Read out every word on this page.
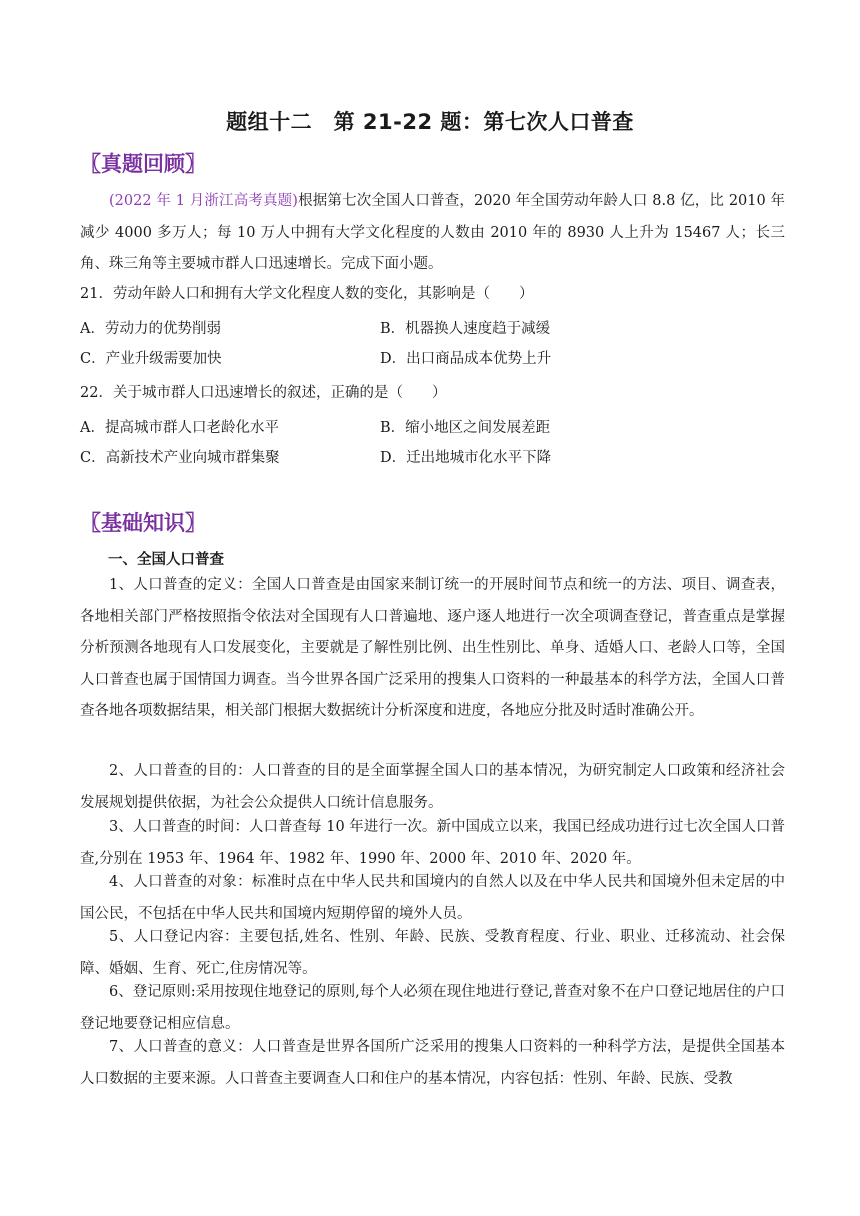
题组十二　第 21-22 题：第七次人口普查
〖真题回顾〗
(2022 年 1 月浙江高考真题)根据第七次全国人口普查，2020 年全国劳动年龄人口 8.8 亿，比 2010 年减少 4000 多万人；每 10 万人中拥有大学文化程度的人数由 2010 年的 8930 人上升为 15467 人；长三角、珠三角等主要城市群人口迅速增长。完成下面小题。
21．劳动年龄人口和拥有大学文化程度人数的变化，其影响是（　　）
A．劳动力的优势削弱	B．机器换人速度趋于减缓
C．产业升级需要加快	D．出口商品成本优势上升
22．关于城市群人口迅速增长的叙述，正确的是（　　）
A．提高城市群人口老龄化水平	B．缩小地区之间发展差距
C．高新技术产业向城市群集聚	D．迁出地城市化水平下降
〖基础知识〗
一、全国人口普查
1、人口普查的定义：全国人口普查是由国家来制订统一的开展时间节点和统一的方法、项目、调查表，各地相关部门严格按照指令依法对全国现有人口普遍地、逐户逐人地进行一次全项调查登记，普查重点是掌握分析预测各地现有人口发展变化，主要就是了解性别比例、出生性别比、单身、适婚人口、老龄人口等，全国人口普查也属于国情国力调查。当今世界各国广泛采用的搜集人口资料的一种最基本的科学方法，全国人口普查各地各项数据结果，相关部门根据大数据统计分析深度和进度，各地应分批及时适时准确公开。
2、人口普查的目的：人口普查的目的是全面掌握全国人口的基本情况，为研究制定人口政策和经济社会发展规划提供依据，为社会公众提供人口统计信息服务。
3、人口普查的时间：人口普查每 10 年进行一次。新中国成立以来，我国已经成功进行过七次全国人口普查,分别在 1953 年、1964 年、1982 年、1990 年、2000 年、2010 年、2020 年。
4、人口普查的对象：标准时点在中华人民共和国境内的自然人以及在中华人民共和国境外但未定居的中国公民，不包括在中华人民共和国境内短期停留的境外人员。
5、人口登记内容：主要包括,姓名、性别、年龄、民族、受教育程度、行业、职业、迁移流动、社会保障、婚姻、生育、死亡,住房情况等。
6、登记原则:采用按现住地登记的原则,每个人必须在现住地进行登记,普查对象不在户口登记地居住的户口登记地要登记相应信息。
7、人口普查的意义：人口普查是世界各国所广泛采用的搜集人口资料的一种科学方法，是提供全国基本人口数据的主要来源。人口普查主要调查人口和住户的基本情况，内容包括：性别、年龄、民族、受教
